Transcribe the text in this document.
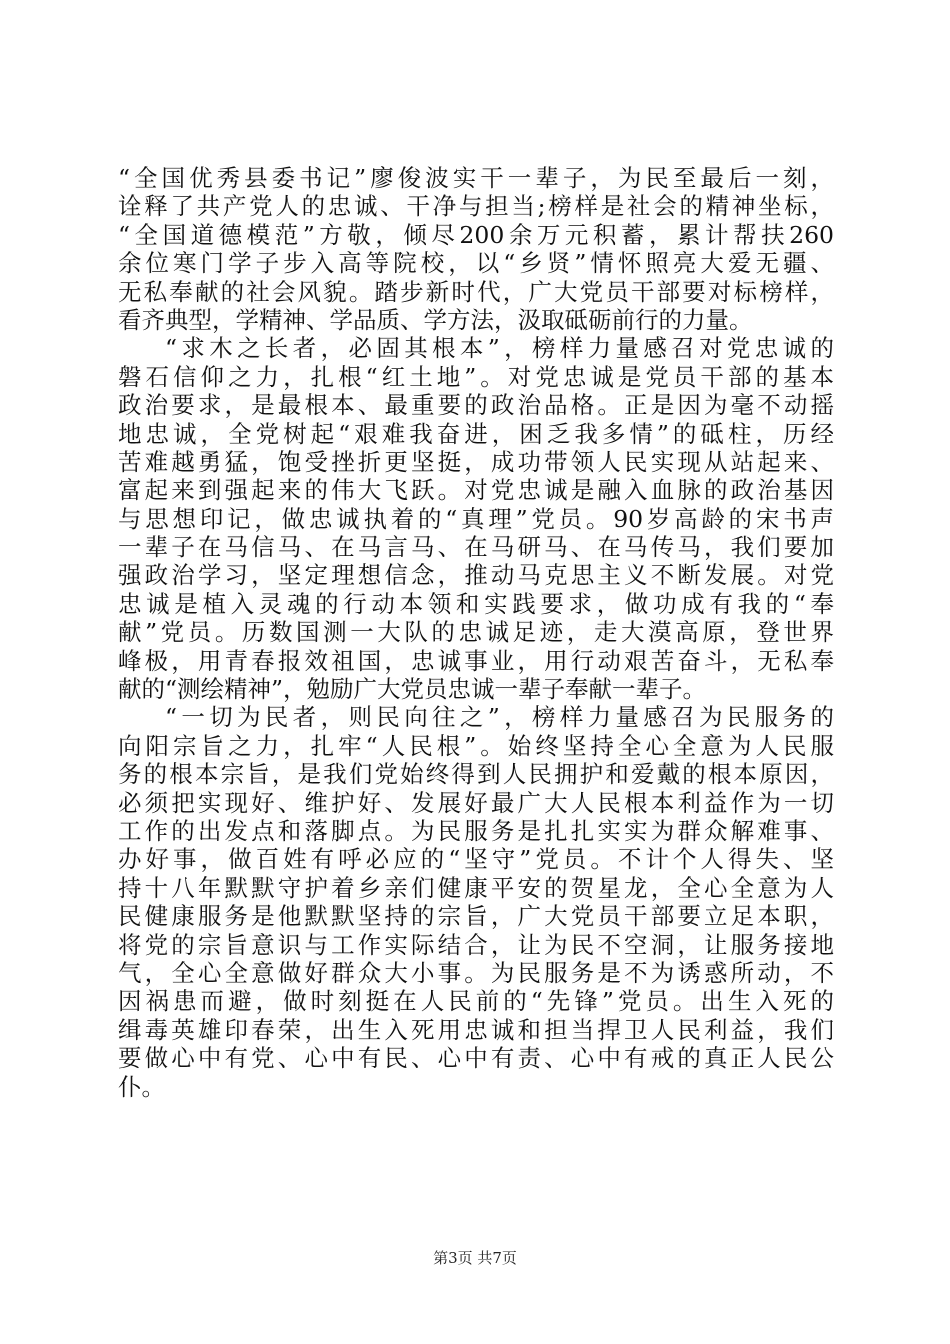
“全国优秀县委书记”廖俊波实干一辈子，为民至最后一刻，
诠释了共产党人的忠诚、干净与担当;榜样是社会的精神坐标，
“全国道德模范”方敬，倾尽200余万元积蓄，累计帮扶260
余位寒门学子步入高等院校，以“乡贤”情怀照亮大爱无疆、
无私奉献的社会风貌。踏步新时代，广大党员干部要对标榜样，
看齐典型，学精神、学品质、学方法，汲取砥砺前行的力量。
“求木之长者，必固其根本”，榜样力量感召对党忠诚的
磐石信仰之力，扎根“红土地”。对党忠诚是党员干部的基本
政治要求，是最根本、最重要的政治品格。正是因为毫不动摇
地忠诚，全党树起“艰难我奋进，困乏我多情”的砥柱，历经
苦难越勇猛，饱受挫折更坚挺，成功带领人民实现从站起来、
富起来到强起来的伟大飞跃。对党忠诚是融入血脉的政治基因
与思想印记，做忠诚执着的“真理”党员。90岁高龄的宋书声
一辈子在马信马、在马言马、在马研马、在马传马，我们要加
强政治学习，坚定理想信念，推动马克思主义不断发展。对党
忠诚是植入灵魂的行动本领和实践要求，做功成有我的“奉
献”党员。历数国测一大队的忠诚足迹，走大漠高原，登世界
峰极，用青春报效祖国，忠诚事业，用行动艰苦奋斗，无私奉
献的“测绘精神”，勉励广大党员忠诚一辈子奉献一辈子。
“一切为民者，则民向往之”，榜样力量感召为民服务的
向阳宗旨之力，扎牢“人民根”。始终坚持全心全意为人民服
务的根本宗旨，是我们党始终得到人民拥护和爱戴的根本原因，
必须把实现好、维护好、发展好最广大人民根本利益作为一切
工作的出发点和落脚点。为民服务是扎扎实实为群众解难事、
办好事，做百姓有呼必应的“坚守”党员。不计个人得失、坚
持十八年默默守护着乡亲们健康平安的贺星龙，全心全意为人
民健康服务是他默默坚持的宗旨，广大党员干部要立足本职，
将党的宗旨意识与工作实际结合，让为民不空洞，让服务接地
气，全心全意做好群众大小事。为民服务是不为诱惑所动，不
因祸患而避，做时刻挺在人民前的“先锋”党员。出生入死的
缉毒英雄印春荣，出生入死用忠诚和担当捍卫人民利益，我们
要做心中有党、心中有民、心中有责、心中有戒的真正人民公
仆。
第3页 共7页
